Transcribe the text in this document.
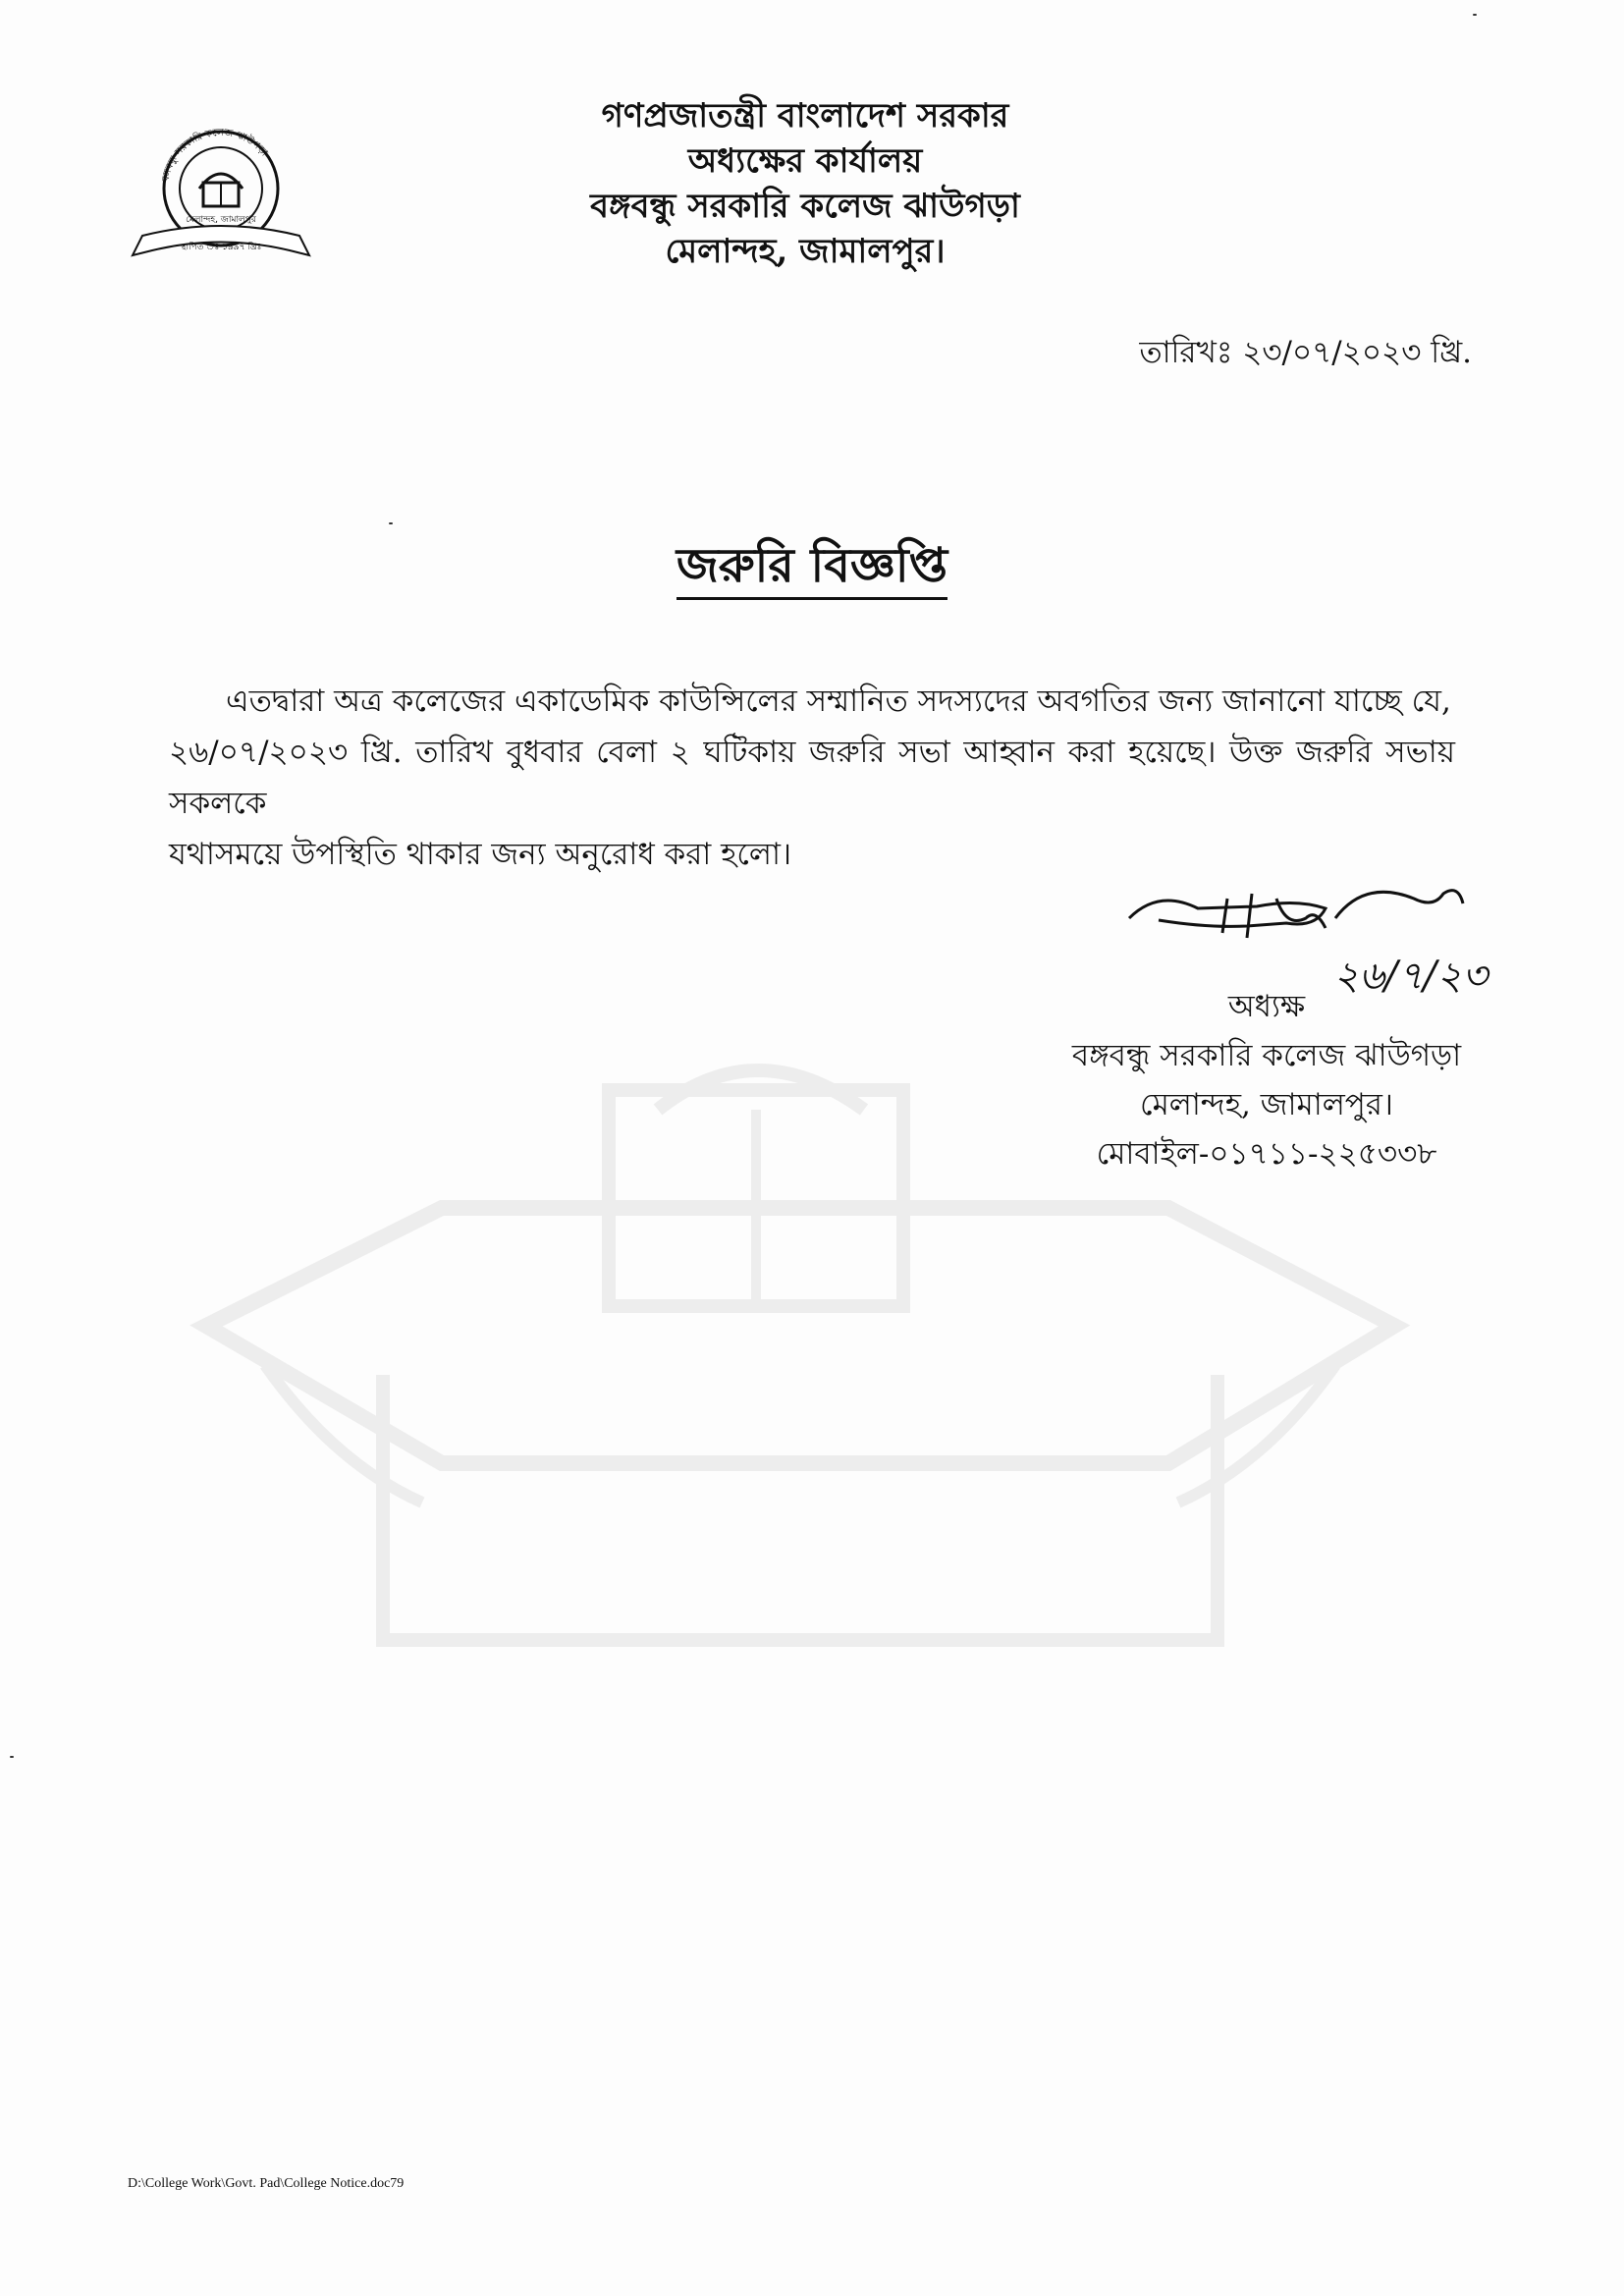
বঙ্গবন্ধু সরকারি কলেজ ঝাউগড়া
মেলান্দহ, জামালপুর
স্থাপিত ঃ ১৯৯৭ খ্রিঃ
গণপ্রজাতন্ত্রী বাংলাদেশ সরকার
অধ্যক্ষের কার্যালয়
বঙ্গবন্ধু সরকারি কলেজ ঝাউগড়া
মেলান্দহ, জামালপুর।
তারিখঃ ২৩/০৭/২০২৩ খ্রি.
জরুরি বিজ্ঞপ্তি
এতদ্বারা অত্র কলেজের একাডেমিক কাউন্সিলের সম্মানিত সদস্যদের অবগতির জন্য জানানো যাচ্ছে যে,
২৬/০৭/২০২৩ খ্রি. তারিখ বুধবার বেলা ২ ঘটিকায় জরুরি সভা আহ্বান করা হয়েছে। উক্ত জরুরি সভায় সকলকে
যথাসময়ে উপস্থিতি থাকার জন্য অনুরোধ করা হলো।
২৬/৭/২৩
অধ্যক্ষ
বঙ্গবন্ধু সরকারি কলেজ ঝাউগড়া
মেলান্দহ, জামালপুর।
মোবাইল-০১৭১১-২২৫৩৩৮
D:\College Work\Govt. Pad\College Notice.doc79
